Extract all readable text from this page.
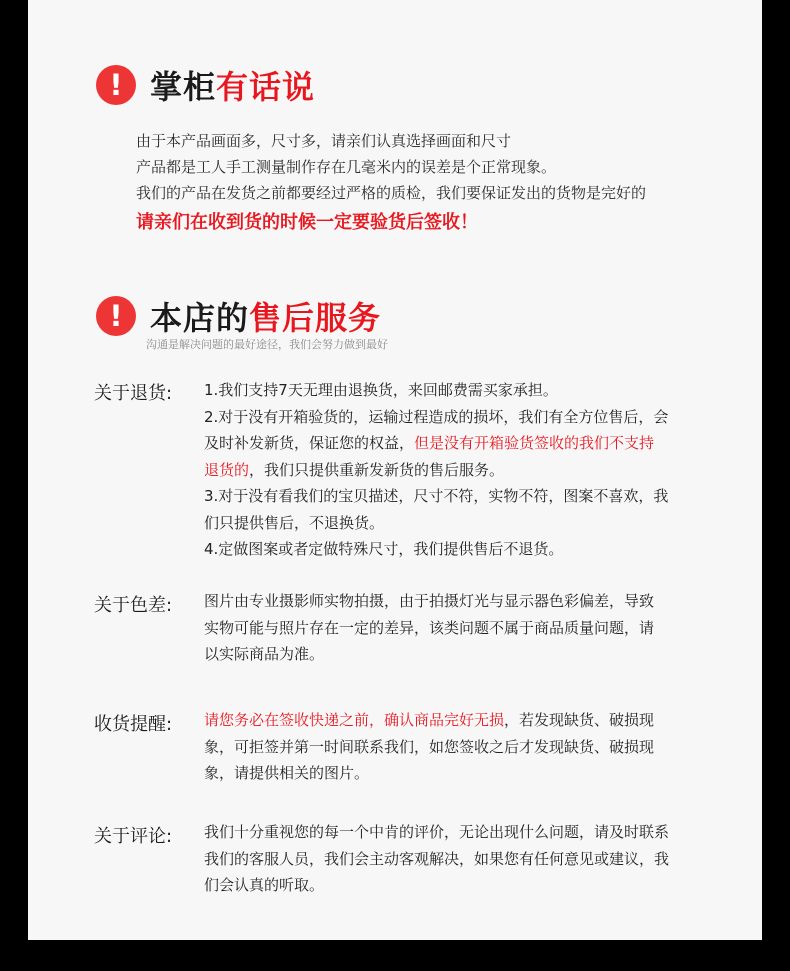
! 掌柜有话说
由于本产品画面多，尺寸多，请亲们认真选择画面和尺寸
产品都是工人手工测量制作存在几毫米内的误差是个正常现象。
我们的产品在发货之前都要经过严格的质检，我们要保证发出的货物是完好的
请亲们在收到货的时候一定要验货后签收！
! 本店的售后服务
沟通是解决问题的最好途径，我们会努力做到最好
关于退货: 1.我们支持7天无理由退换货，来回邮费需买家承担。
2.对于没有开箱验货的，运输过程造成的损坏，我们有全方位售后，会
及时补发新货，保证您的权益，但是没有开箱验货签收的我们不支持
退货的，我们只提供重新发新货的售后服务。
3.对于没有看我们的宝贝描述，尺寸不符，实物不符，图案不喜欢，我
们只提供售后，不退换货。
4.定做图案或者定做特殊尺寸，我们提供售后不退货。
关于色差: 图片由专业摄影师实物拍摄，由于拍摄灯光与显示器色彩偏差，导致
实物可能与照片存在一定的差异，该类问题不属于商品质量问题，请
以实际商品为准。
收货提醒: 请您务必在签收快递之前，确认商品完好无损，若发现缺货、破损现
象，可拒签并第一时间联系我们，如您签收之后才发现缺货、破损现
象，请提供相关的图片。
关于评论: 我们十分重视您的每一个中肯的评价，无论出现什么问题，请及时联系
我们的客服人员，我们会主动客观解决，如果您有任何意见或建议，我
们会认真的听取。
